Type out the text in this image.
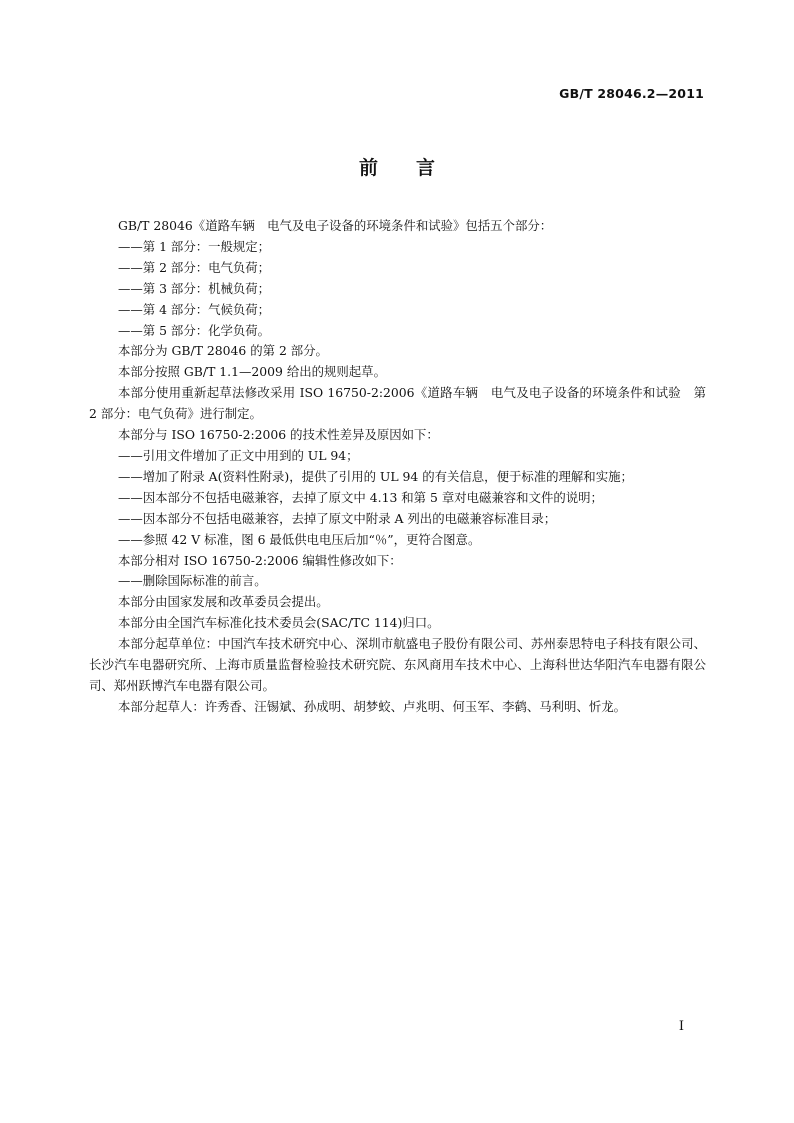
GB/T 28046.2—2011
前言

GB/T 28046《道路车辆　电气及电子设备的环境条件和试验》包括五个部分：

——第 1 部分：一般规定；

——第 2 部分：电气负荷；

——第 3 部分：机械负荷；

——第 4 部分：气候负荷；

——第 5 部分：化学负荷。

本部分为 GB/T 28046 的第 2 部分。

本部分按照 GB/T 1.1—2009 给出的规则起草。

本部分使用重新起草法修改采用 ISO 16750-2:2006《道路车辆　电气及电子设备的环境条件和试验　第 2 部分：电气负荷》进行制定。

本部分与 ISO 16750-2:2006 的技术性差异及原因如下：

——引用文件增加了正文中用到的 UL 94；

——增加了附录 A(资料性附录)，提供了引用的 UL 94 的有关信息，便于标准的理解和实施；

——因本部分不包括电磁兼容，去掉了原文中 4.13 和第 5 章对电磁兼容和文件的说明；

——因本部分不包括电磁兼容，去掉了原文中附录 A 列出的电磁兼容标准目录；

——参照 42 V 标准，图 6 最低供电电压后加“％”，更符合图意。

本部分相对 ISO 16750-2:2006 编辑性修改如下：

——删除国际标准的前言。

本部分由国家发展和改革委员会提出。

本部分由全国汽车标准化技术委员会(SAC/TC 114)归口。

本部分起草单位：中国汽车技术研究中心、深圳市航盛电子股份有限公司、苏州泰思特电子科技有限公司、长沙汽车电器研究所、上海市质量监督检验技术研究院、东风商用车技术中心、上海科世达华阳汽车电器有限公司、郑州跃博汽车电器有限公司。

本部分起草人：许秀香、汪锡斌、孙成明、胡梦蛟、卢兆明、何玉军、李鹤、马利明、忻龙。

I
